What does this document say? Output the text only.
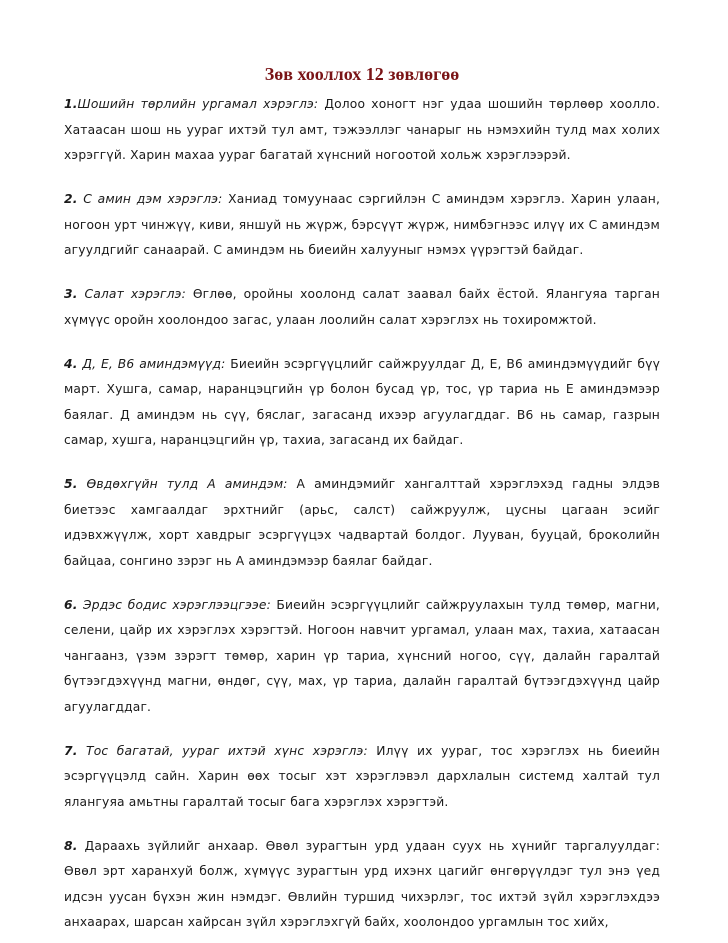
Зөв хооллох 12 зөвлөгөө

1.Шошийн төрлийн ургамал хэрэглэ: Долоо хоногт нэг удаа шошийн төрлөөр хоолло. Хатаасан шош нь уураг ихтэй тул амт, тэжээллэг чанарыг нь нэмэхийн тулд мах холих хэрэггүй. Харин махаа уураг багатай хүнсний ногоотой хольж хэрэглээрэй.

2. С амин дэм хэрэглэ: Ханиад томуунаас сэргийлэн С аминдэм хэрэглэ. Харин улаан, ногоон урт чинжүү, киви, яншуй нь жүрж, бэрсүүт жүрж, нимбэгнээс илүү их С аминдэм агуулдгийг санаарай. С аминдэм нь биеийн халууныг нэмэх үүрэгтэй байдаг.

3. Салат хэрэглэ: Өглөө, оройны хоолонд салат заавал байх ёстой. Ялангуяа тарган хүмүүс оройн хоолондоо загас, улаан лоолийн салат хэрэглэх нь тохиромжтой.

4. Д, Е, В6 аминдэмүүд: Биеийн эсэргүүцлийг сайжруулдаг Д, Е, В6 аминдэмүүдийг бүү март. Хушга, самар, наранцэцгийн үр болон бусад үр, тос, үр тариа нь Е аминдэмээр баялаг. Д аминдэм нь сүү, бяслаг, загасанд ихээр агуулагддаг. В6 нь самар, газрын самар, хушга, наранцэцгийн үр, тахиа, загасанд их байдаг.

5. Өвдөхгүйн тулд А аминдэм: А аминдэмийг хангалттай хэрэглэхэд гадны элдэв биетээс хамгаалдаг эрхтнийг (арьс, салст) сайжруулж, цусны цагаан эсийг идэвхжүүлж, хорт хавдрыг эсэргүүцэх чадвартай болдог. Лууван, бууцай, броколийн байцаа, сонгино зэрэг нь А аминдэмээр баялаг байдаг.

6. Эрдэс бодис хэрэглээцгээе: Биеийн эсэргүүцлийг сайжруулахын тулд төмөр, магни, селени, цайр их хэрэглэх хэрэгтэй. Ногоон навчит ургамал, улаан мах, тахиа, хатаасан чангаанз, үзэм зэрэгт төмөр, харин үр тариа, хүнсний ногоо, сүү, далайн гаралтай бүтээгдэхүүнд магни, өндөг, сүү, мах, үр тариа, далайн гаралтай бүтээгдэхүүнд цайр агуулагддаг.

7. Тос багатай, уураг ихтэй хүнс хэрэглэ: Илүү их уураг, тос хэрэглэх нь биеийн эсэргүүцэлд сайн. Харин өөх тосыг хэт хэрэглэвэл дархлалын системд халтай тул ялангуяа амьтны гаралтай тосыг бага хэрэглэх хэрэгтэй.

8. Дараахь зүйлийг анхаар. Өвөл зурагтын урд удаан суух нь хүнийг таргалуулдаг: Өвөл эрт харанхуй болж, хүмүүс зурагтын урд ихэнх цагийг өнгөрүүлдэг тул энэ үед идсэн уусан бүхэн жин нэмдэг. Өвлийн туршид чихэрлэг, тос ихтэй зүйл хэрэглэхдээ анхаарах, шарсан хайрсан зүйл хэрэглэхгүй байх, хоолондоо ургамлын тос хийх,
